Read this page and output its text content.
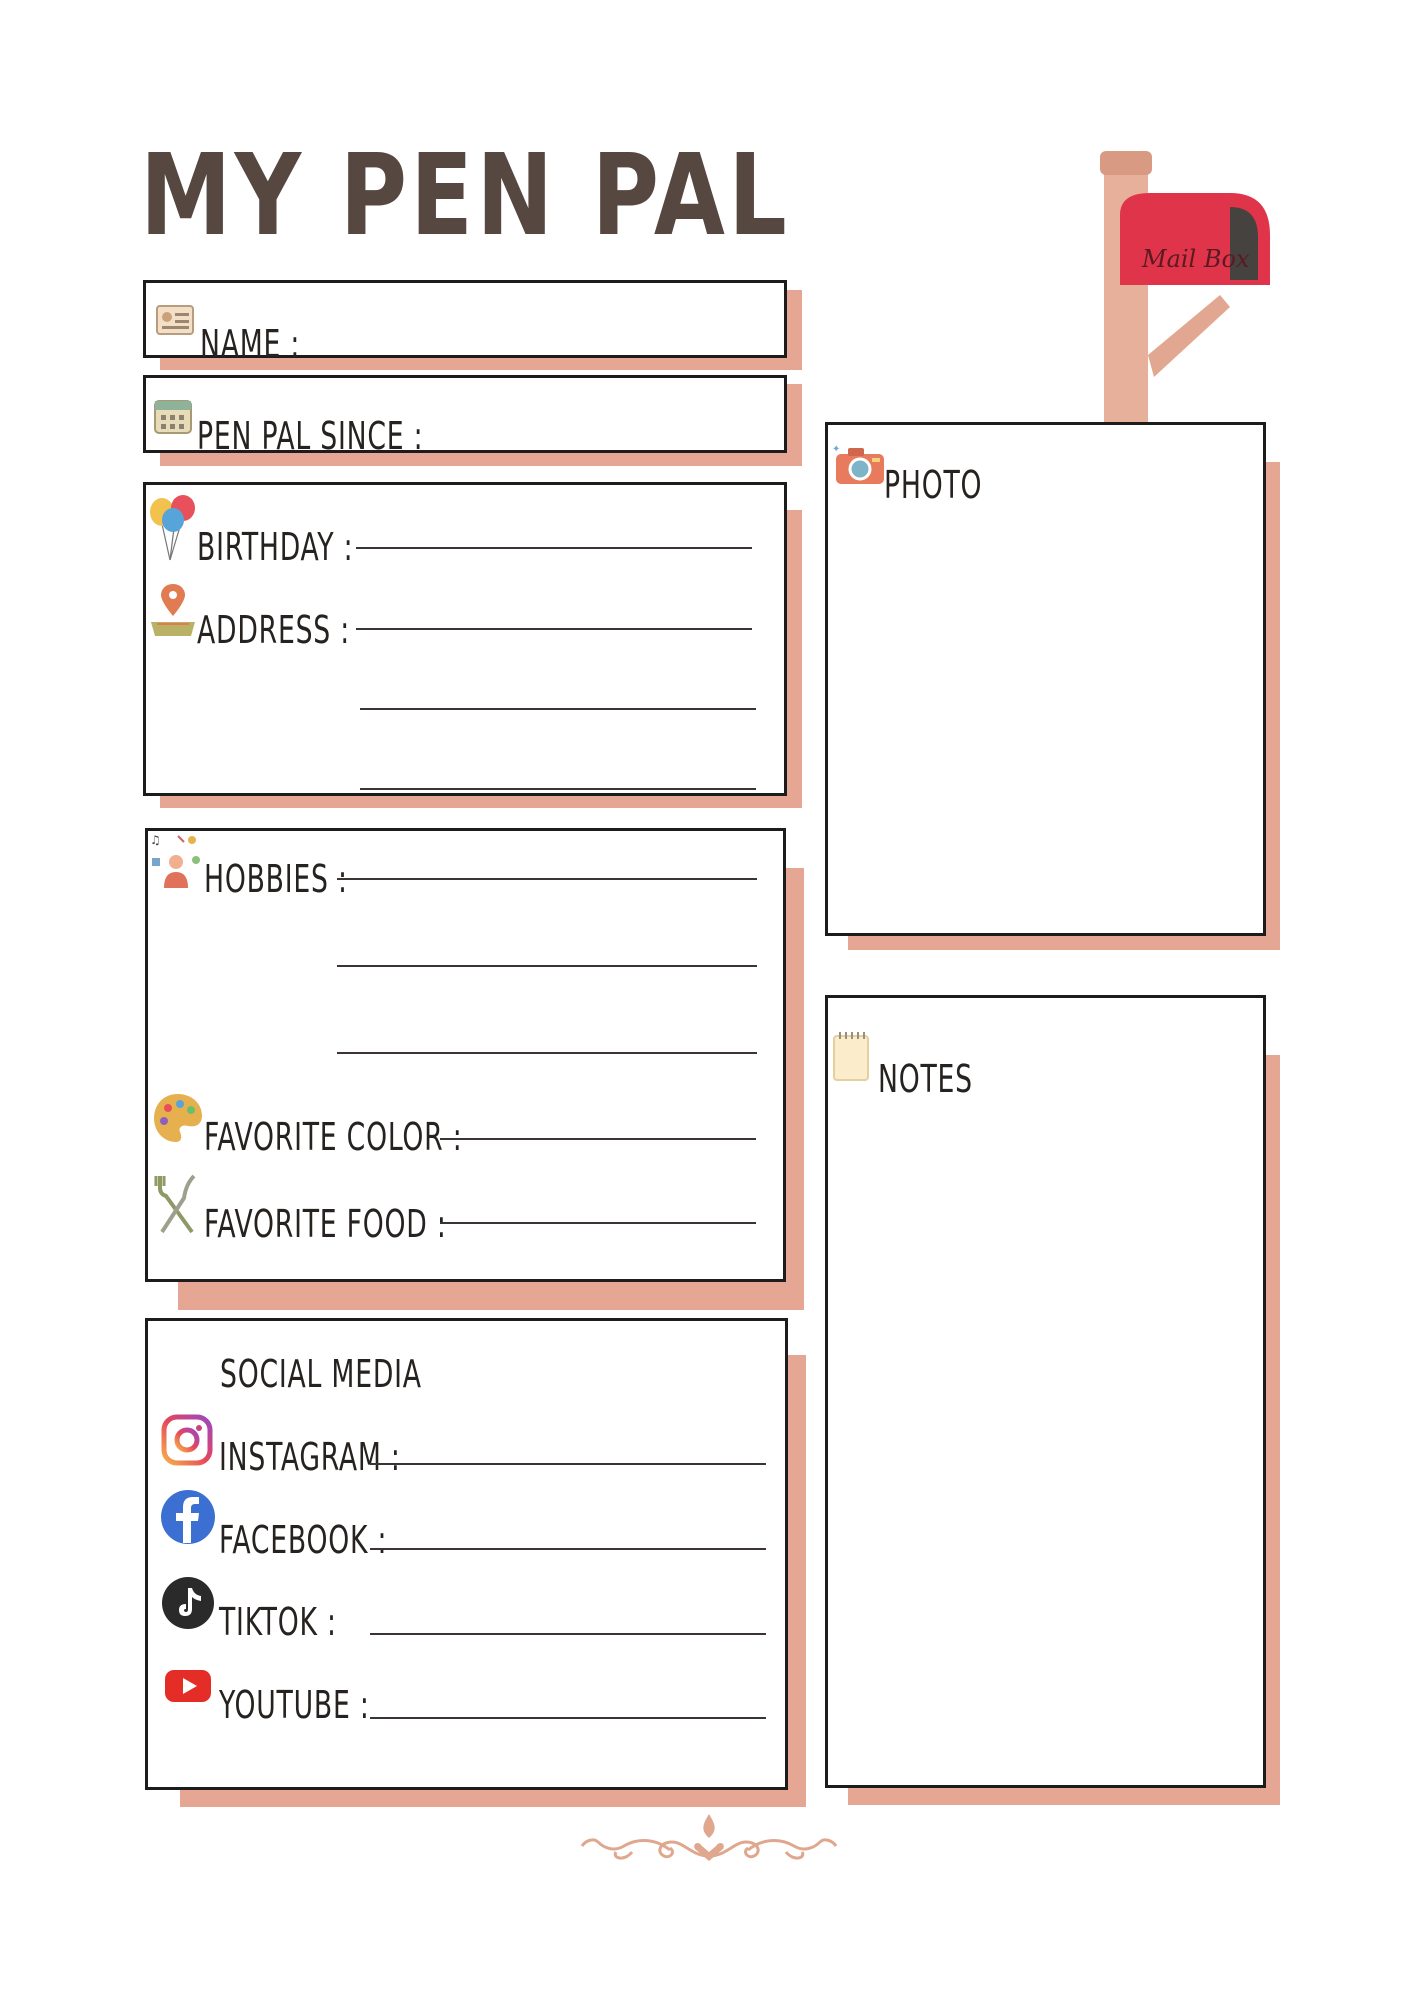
MY PEN PAL	Mail Box
NAME :
PEN PAL SINCE :
BIRTHDAY :
ADDRESS :
♫
HOBBIES :
FAVORITE COLOR :
FAVORITE FOOD :
SOCIAL MEDIA
INSTAGRAM :
FACEBOOK :
TIKTOK :
YOUTUBE :
✦
PHOTO
NOTES
